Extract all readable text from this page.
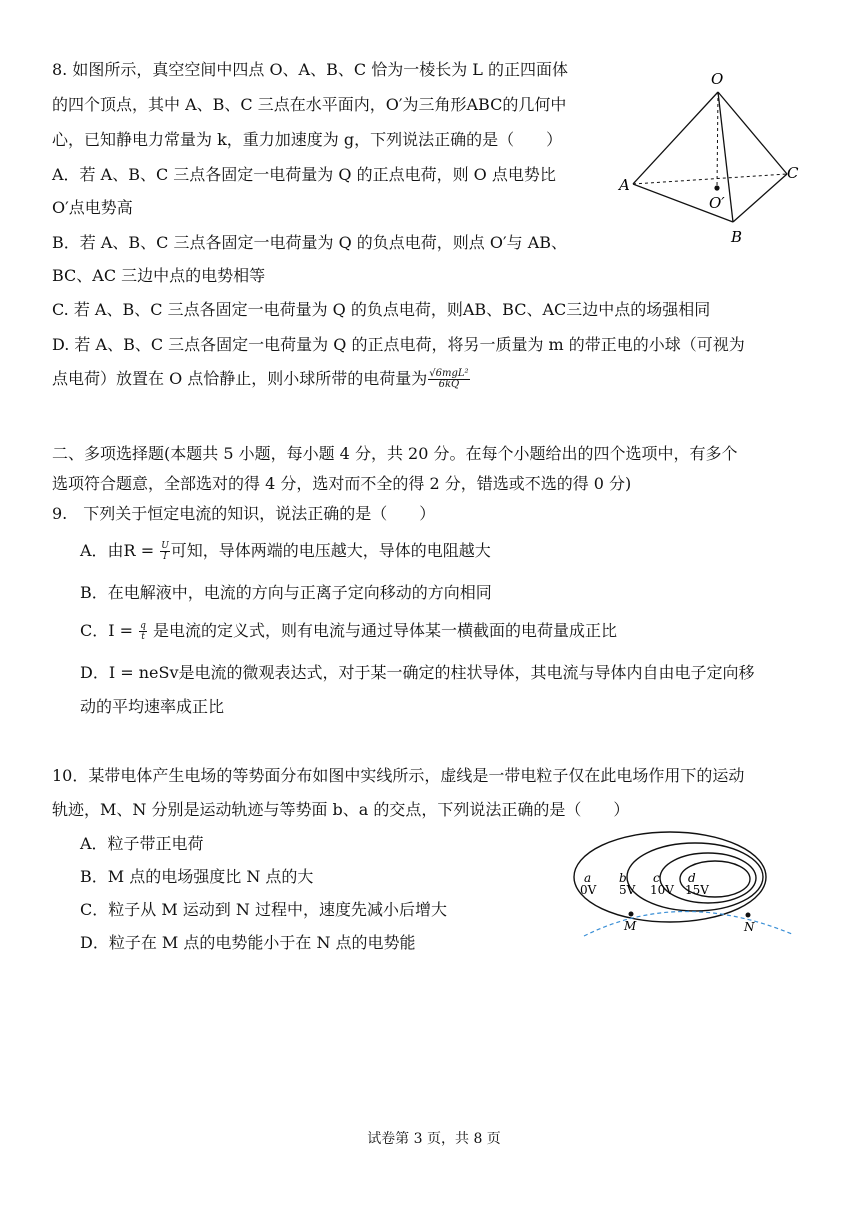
8. 如图所示，真空空间中四点 O、A、B、C 恰为一棱长为 L 的正四面体
的四个顶点，其中 A、B、C 三点在水平面内，O′为三角形ABC的几何中
心，已知静电力常量为 k，重力加速度为 g，下列说法正确的是（　　）
A．若 A、B、C 三点各固定一电荷量为 Q 的正点电荷，则 O 点电势比
O′点电势高
B．若 A、B、C 三点各固定一电荷量为 Q 的负点电荷，则点 O′与 AB、
BC、AC 三边中点的电势相等
C. 若 A、B、C 三点各固定一电荷量为 Q 的负点电荷，则AB、BC、AC三边中点的场强相同
D. 若 A、B、C 三点各固定一电荷量为 Q 的正点电荷，将另一质量为 m 的带正电的小球（可视为
点电荷）放置在 O 点恰静止，则小球所带的电荷量为 $\frac{\text{√6mgL²}}{6kQ}$
O
A
B
C
O′
二、多项选择题(本题共 5 小题，每小题 4 分，共 20 分。在每个小题给出的四个选项中，有多个
选项符合题意，全部选对的得 4 分，选对而不全的得 2 分，错选或不选的得 0 分)
9.　下列关于恒定电流的知识，说法正确的是（　　）
A．由$R = \frac{U}{I}$ 可知，导体两端的电压越大，导体的电阻越大
B．在电解液中，电流的方向与正离子定向移动的方向相同
C．$I = \frac{q}{t}$ 是电流的定义式，则有电流与通过导体某一横截面的电荷量成正比
D．I = neSv是电流的微观表达式，对于某一确定的柱状导体，其电流与导体内自由电子定向移
动的平均速率成正比
10．某带电体产生电场的等势面分布如图中实线所示，虚线是一带电粒子仅在此电场作用下的运动
轨迹，M、N 分别是运动轨迹与等势面 b、a 的交点，下列说法正确的是（　　）
A．粒子带正电荷
B．M 点的电场强度比 N 点的大
C．粒子从 M 运动到 N 过程中，速度先减小后增大
D．粒子在 M 点的电势能小于在 N 点的电势能
a
0V
b
5V
c
10V
d
15V
M	N
试卷第 3 页，共 8 页
